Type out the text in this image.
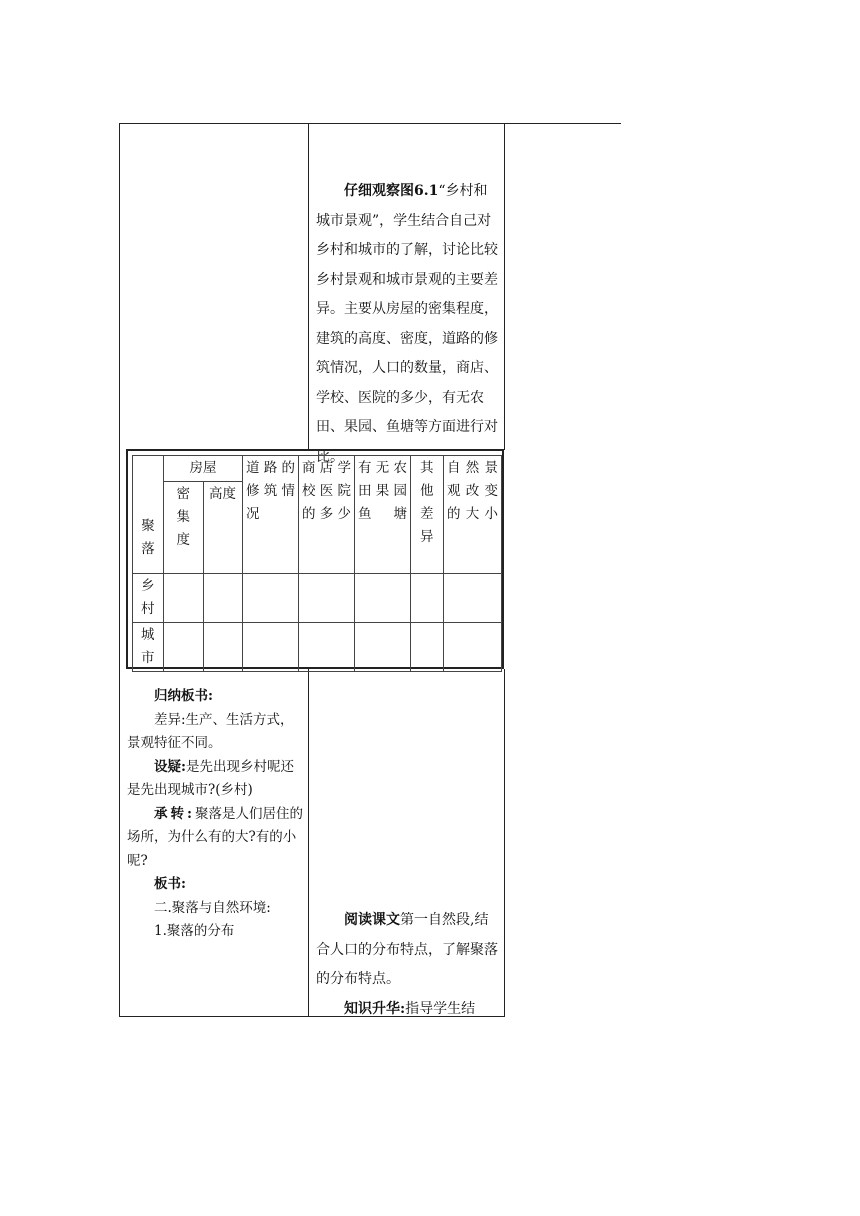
仔细观察图6.1“乡村和城市景观”，学生结合自己对乡村和城市的了解，讨论比较乡村景观和城市景观的主要差异。主要从房屋的密集程度，建筑的高度、密度，道路的修筑情况，人口的数量，商店、学校、医院的多少，有无农田、果园、鱼塘等方面进行对比。

聚落	房屋		道路的修筑情况	商店学校医院的多少	有无农田果园鱼塘	其他差异	自然景观改变的大小

	密集度	高度					

乡村							

城市							

归纳板书:

差异:生产、生活方式，景观特征不同。

设疑:是先出现乡村呢还是先出现城市?(乡村)

承转:聚落是人们居住的场所，为什么有的大?有的小呢?

板书:

二.聚落与自然环境:

1.聚落的分布

阅读课文第一自然段,结合人口的分布特点，了解聚落的分布特点。

知识升华:指导学生结
